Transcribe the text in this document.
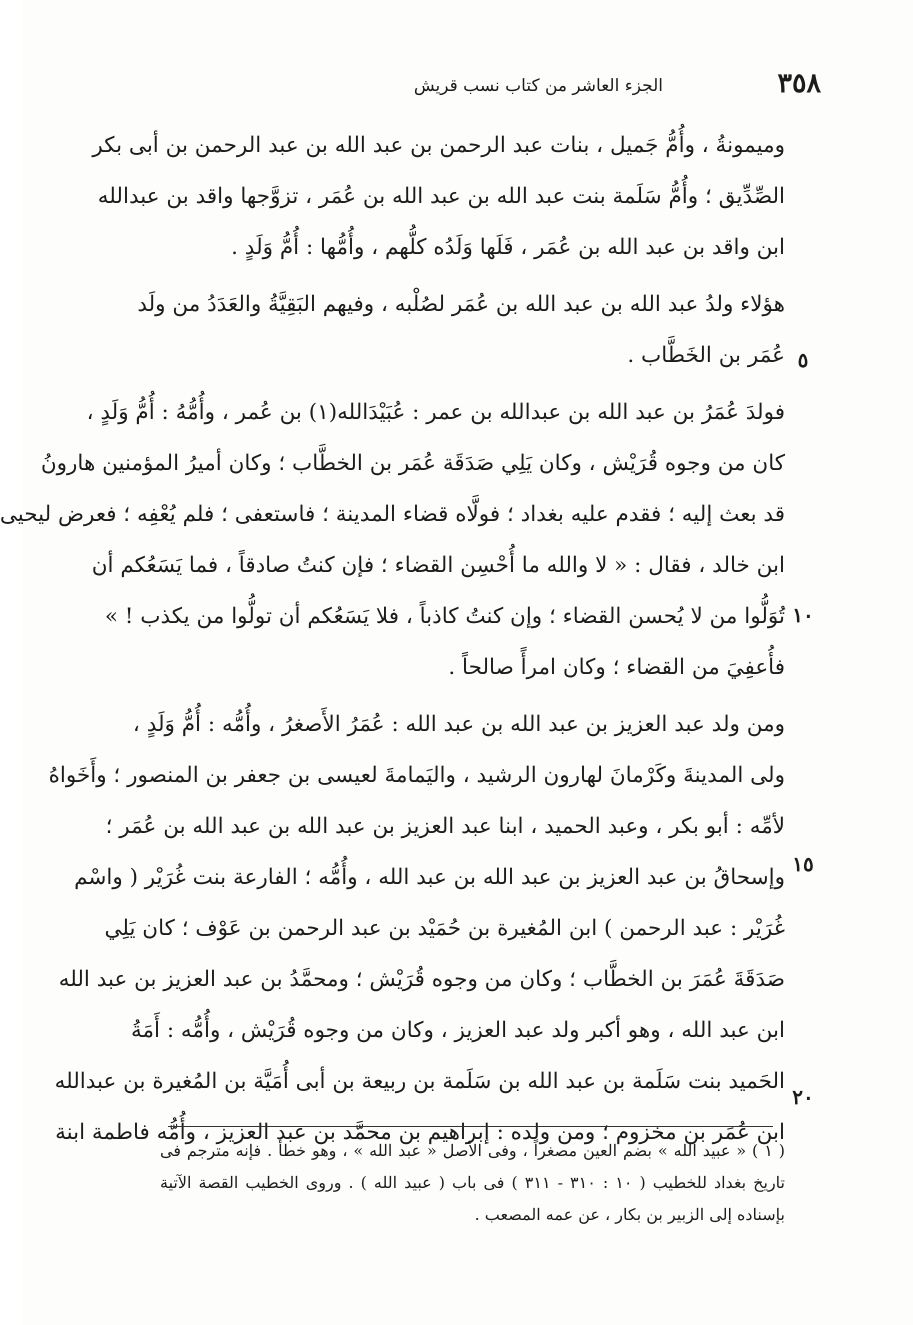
٣٥٨
الجزء العاشر من كتاب نسب قريش
وميمونةُ ، وأُمُّ جَميل ، بنات عبد الرحمن بن عبد الله بن عبد الرحمن بن أبى بكر
الصِّدِّيق ؛ وأُمُّ سَلَمة بنت عبد الله بن عبد الله بن عُمَر ، تزوَّجها واقد بن عبدالله
ابن واقد بن عبد الله بن عُمَر ، فَلَها وَلَدُه كلُّهم ، وأُمُّها : أُمُّ وَلَدٍ .
هؤلاء ولدُ عبد الله بن عبد الله بن عُمَر لصُلْبه ، وفيهم البَقِيَّةُ والعَدَدُ من ولَد
عُمَر بن الخَطَّاب .
فولدَ عُمَرُ بن عبد الله بن عبدالله بن عمر : عُبَيْدَالله(١) بن عُمر ، وأُمُّهُ : أُمُّ وَلَدٍ ،
كان من وجوه قُرَيْش ، وكان يَلِي صَدَقَة عُمَر بن الخطَّاب ؛ وكان أميرُ المؤمنين هارونُ
قد بعث إليه ؛ فقدم عليه بغداد ؛ فولَّاه قضاء المدينة ؛ فاستعفى ؛ فلم يُعْفِه ؛ فعرض ليحيى
ابن خالد ، فقال : « لا والله ما أُحْسِن القضاء ؛ فإن كنتُ صادقاً ، فما يَسَعُكم أن
تُوَلُّوا من لا يُحسن القضاء ؛ وإن كنتُ كاذباً ، فلا يَسَعُكم أن تولُّوا من يكذب ! »
فأُعفِيَ من القضاء ؛ وكان امرأً صالحاً .
ومن ولد عبد العزيز بن عبد الله بن عبد الله : عُمَرُ الأَصغرُ ، وأُمُّه : أُمُّ وَلَدٍ ،
ولى المدينةَ وكَرْمانَ لهارون الرشيد ، واليَمامةَ لعيسى بن جعفر بن المنصور ؛ وأَخَواهُ
لأمِّه : أبو بكر ، وعبد الحميد ، ابنا عبد العزيز بن عبد الله بن عبد الله بن عُمَر ؛
وإسحاقُ بن عبد العزيز بن عبد الله بن عبد الله ، وأُمُّه ؛ الفارعة بنت غُرَيْر ( واسْم
غُرَيْر : عبد الرحمن ) ابن المُغيرة بن حُمَيْد بن عبد الرحمن بن عَوْف ؛ كان يَلِي
صَدَقَةَ عُمَرَ بن الخطَّاب ؛ وكان من وجوه قُرَيْش ؛ ومحمَّدُ بن عبد العزيز بن عبد الله
ابن عبد الله ، وهو أكبر ولد عبد العزيز ، وكان من وجوه قُرَيْش ، وأُمُّه : أَمَةُ
الحَميد بنت سَلَمة بن عبد الله بن سَلَمة بن ربيعة بن أبى أُمَيَّة بن المُغيرة بن عبدالله
ابن عُمَر بن مخزوم ؛ ومن ولده : إبراهيم بن محمَّد بن عبد العزيز ، وأُمُّه فاطمة ابنة
٥
١٠
١٥
٢٠
( ١ ) « عبيد الله » بضم العين مصغراً ، وفى الأصل « عبد الله » ، وهو خطأ . فإنه مترجم فى
تاريخ بغداد للخطيب ( ١٠ : ٣١٠ - ٣١١ ) فى باب ( عبيد الله ) . وروى الخطيب القصة الآتية
بإسناده إلى الزبير بن بكار ، عن عمه المصعب .
